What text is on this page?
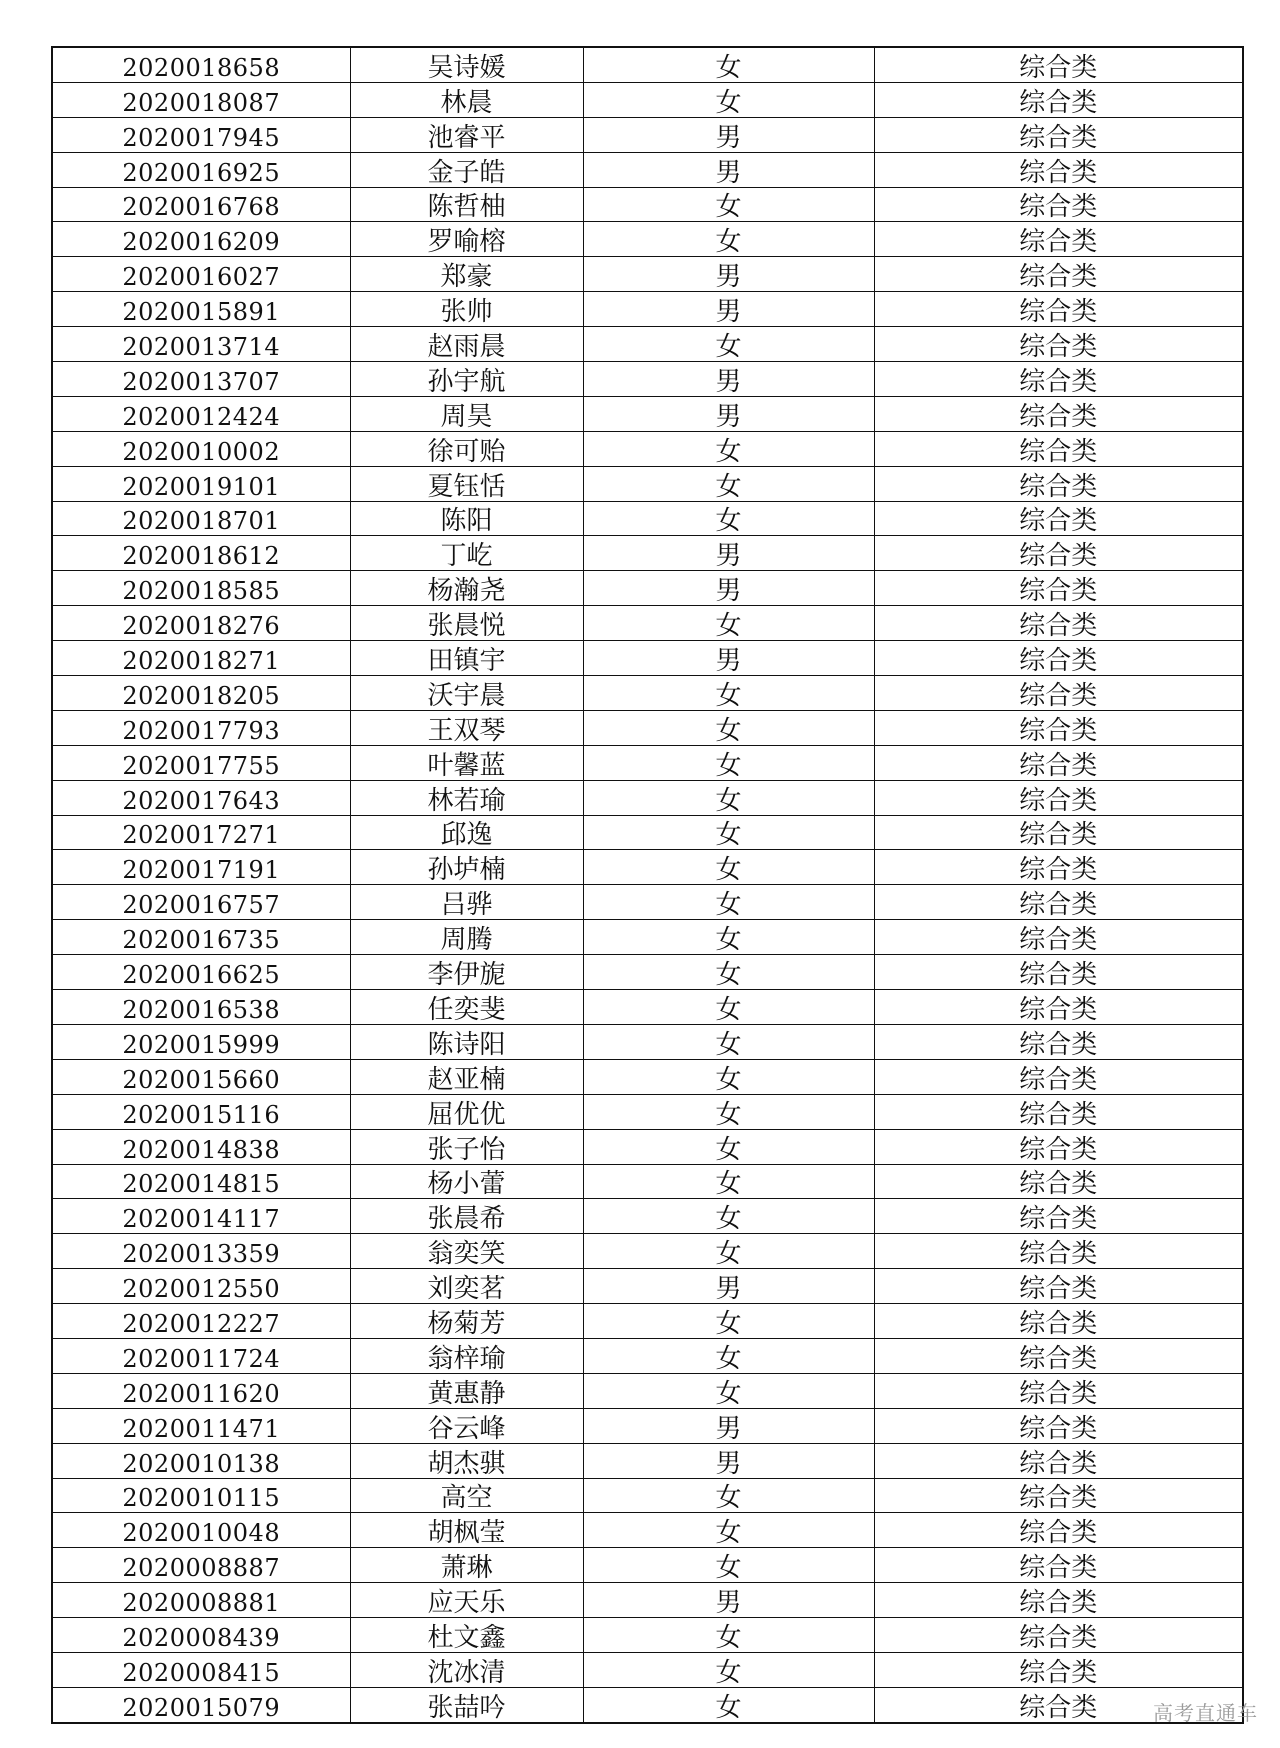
2020018658	吴诗媛	女	综合类
2020018087	林晨	女	综合类
2020017945	池睿平	男	综合类
2020016925	金子皓	男	综合类
2020016768	陈哲柚	女	综合类
2020016209	罗喻榕	女	综合类
2020016027	郑豪	男	综合类
2020015891	张帅	男	综合类
2020013714	赵雨晨	女	综合类
2020013707	孙宇航	男	综合类
2020012424	周昊	男	综合类
2020010002	徐可贻	女	综合类
2020019101	夏钰恬	女	综合类
2020018701	陈阳	女	综合类
2020018612	丁屹	男	综合类
2020018585	杨瀚尧	男	综合类
2020018276	张晨悦	女	综合类
2020018271	田镇宇	男	综合类
2020018205	沃宇晨	女	综合类
2020017793	王双琴	女	综合类
2020017755	叶馨蓝	女	综合类
2020017643	林若瑜	女	综合类
2020017271	邱逸	女	综合类
2020017191	孙垆楠	女	综合类
2020016757	吕骅	女	综合类
2020016735	周腾	女	综合类
2020016625	李伊旎	女	综合类
2020016538	任奕斐	女	综合类
2020015999	陈诗阳	女	综合类
2020015660	赵亚楠	女	综合类
2020015116	屈优优	女	综合类
2020014838	张子怡	女	综合类
2020014815	杨小蕾	女	综合类
2020014117	张晨希	女	综合类
2020013359	翁奕笑	女	综合类
2020012550	刘奕茗	男	综合类
2020012227	杨菊芳	女	综合类
2020011724	翁梓瑜	女	综合类
2020011620	黄惠静	女	综合类
2020011471	谷云峰	男	综合类
2020010138	胡杰骐	男	综合类
2020010115	高空	女	综合类
2020010048	胡枫莹	女	综合类
2020008887	萧琳	女	综合类
2020008881	应天乐	男	综合类
2020008439	杜文鑫	女	综合类
2020008415	沈冰清	女	综合类
2020015079	张喆吟	女	综合类	高考直通车
